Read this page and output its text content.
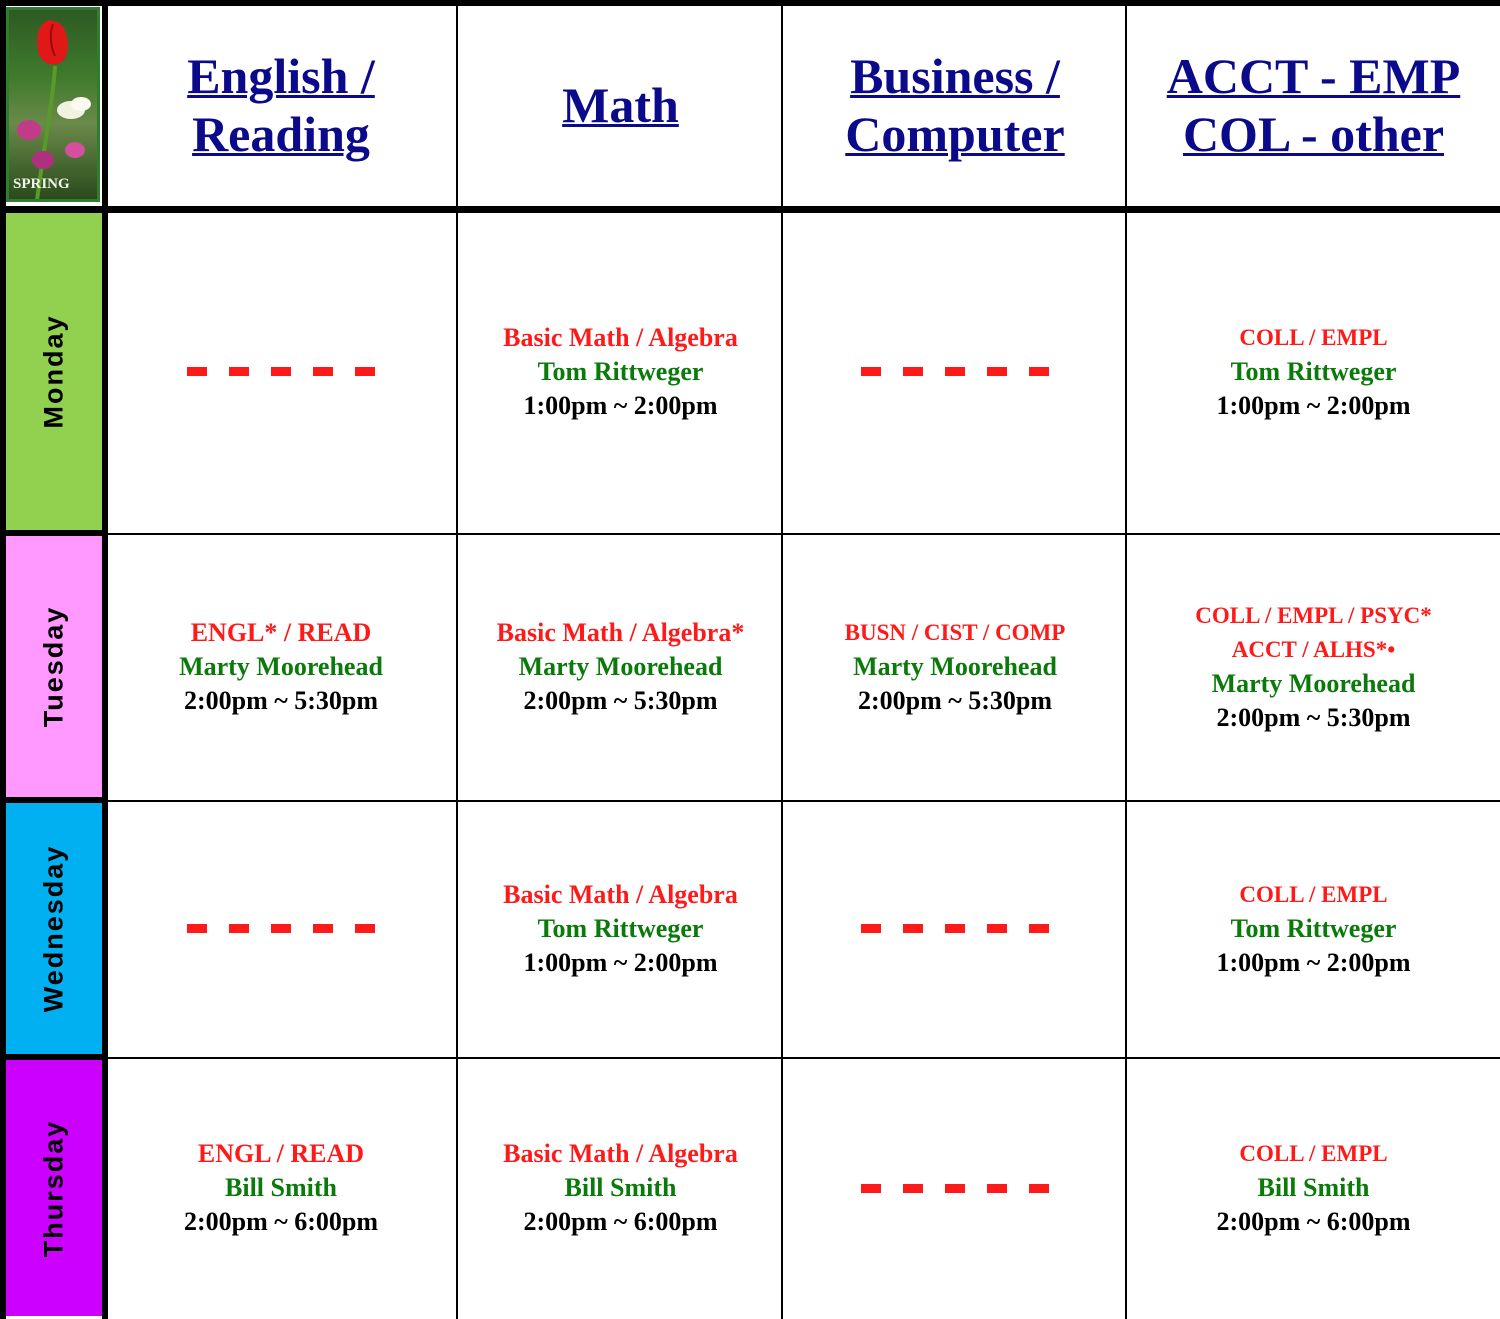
SPRING
English /
Reading
Math
Business /
Computer
ACCT - EMP
COL - other
Monday
Tuesday
Wednesday
Thursday
Basic Math / Algebra
Tom Rittweger
1:00pm ~ 2:00pm
COLL / EMPL
Tom Rittweger
1:00pm ~ 2:00pm
ENGL* / READ
Marty Moorehead
2:00pm ~ 5:30pm
Basic Math / Algebra*
Marty Moorehead
2:00pm ~ 5:30pm
BUSN / CIST / COMP
Marty Moorehead
2:00pm ~ 5:30pm
COLL / EMPL / PSYC*
ACCT / ALHS*•
Marty Moorehead
2:00pm ~ 5:30pm
Basic Math / Algebra
Tom Rittweger
1:00pm ~ 2:00pm
COLL / EMPL
Tom Rittweger
1:00pm ~ 2:00pm
ENGL / READ
Bill Smith
2:00pm ~ 6:00pm
Basic Math / Algebra
Bill Smith
2:00pm ~ 6:00pm
COLL / EMPL
Bill Smith
2:00pm ~ 6:00pm
